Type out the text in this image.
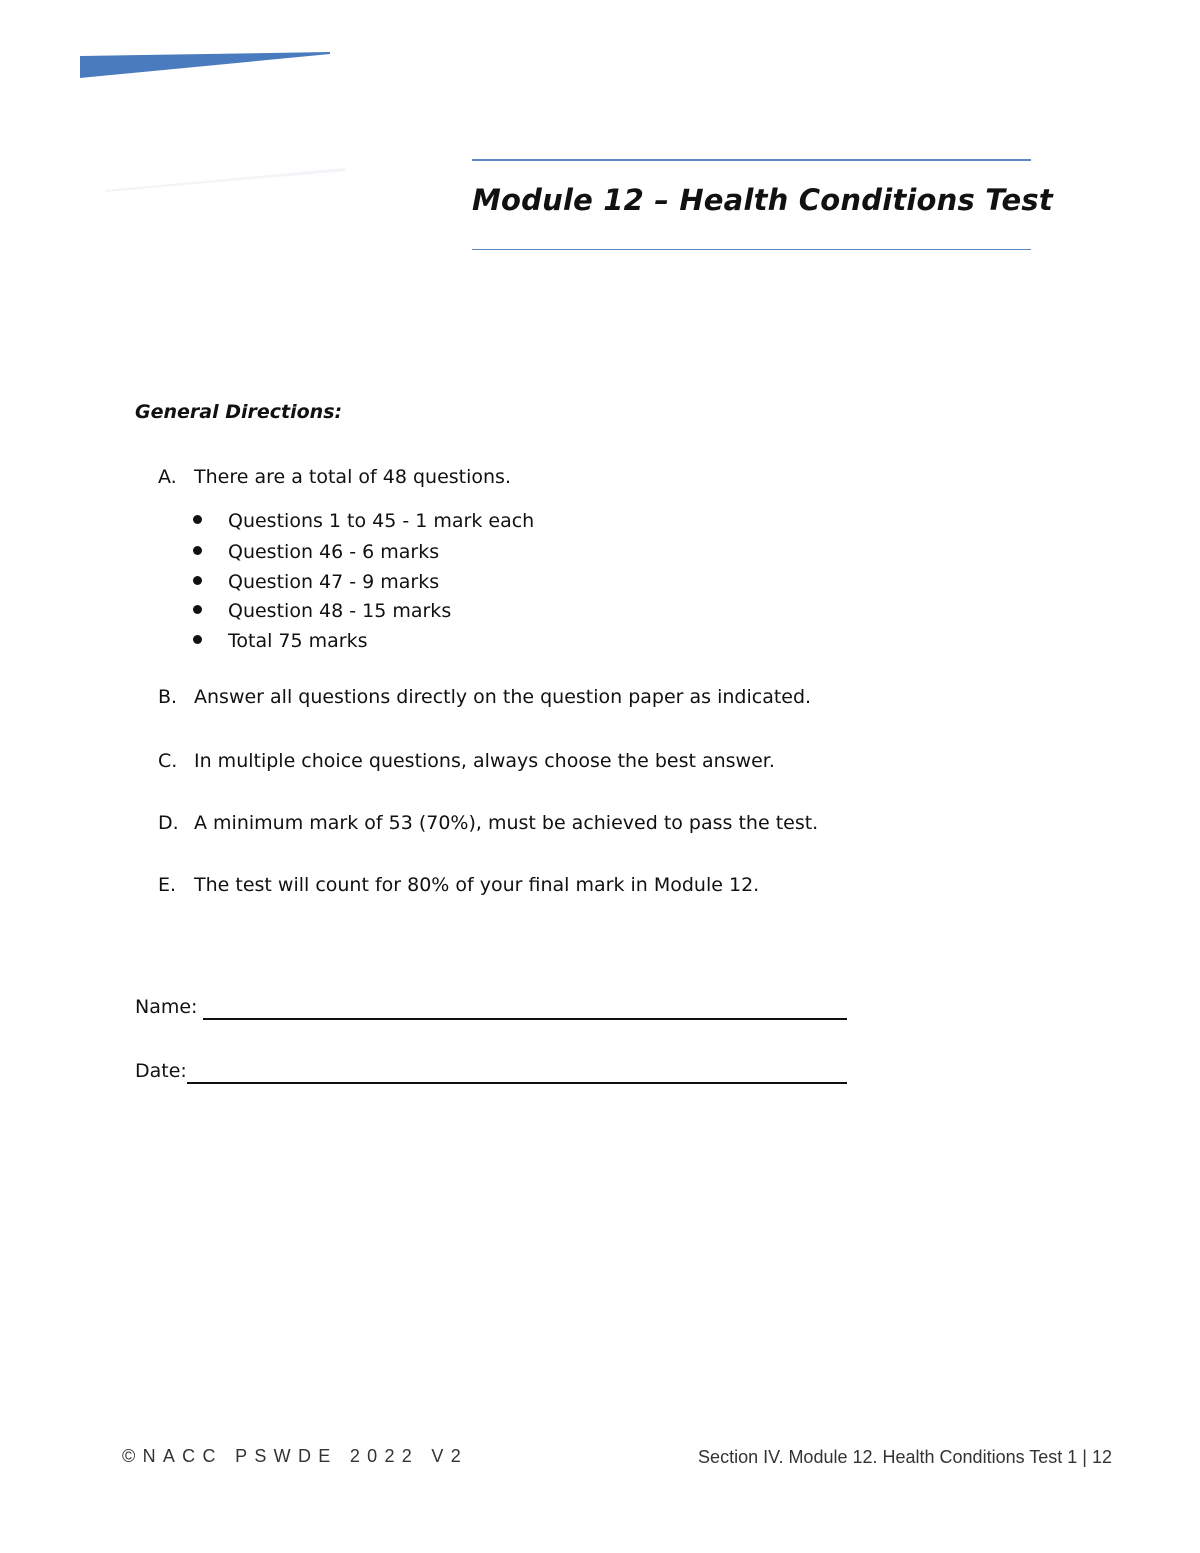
Module 12 – Health Conditions Test
General Directions:
A. There are a total of 48 questions.
Questions 1 to 45 - 1 mark each
Question 46 - 6 marks
Question 47 - 9 marks
Question 48 - 15 marks
Total 75 marks
B. Answer all questions directly on the question paper as indicated.
C. In multiple choice questions, always choose the best answer.
D. A minimum mark of 53 (70%), must be achieved to pass the test.
E. The test will count for 80% of your final mark in Module 12.
Name:
Date:
©NACC PSWDE 2022 V2	Section IV. Module 12. Health Conditions Test 1 | 12
